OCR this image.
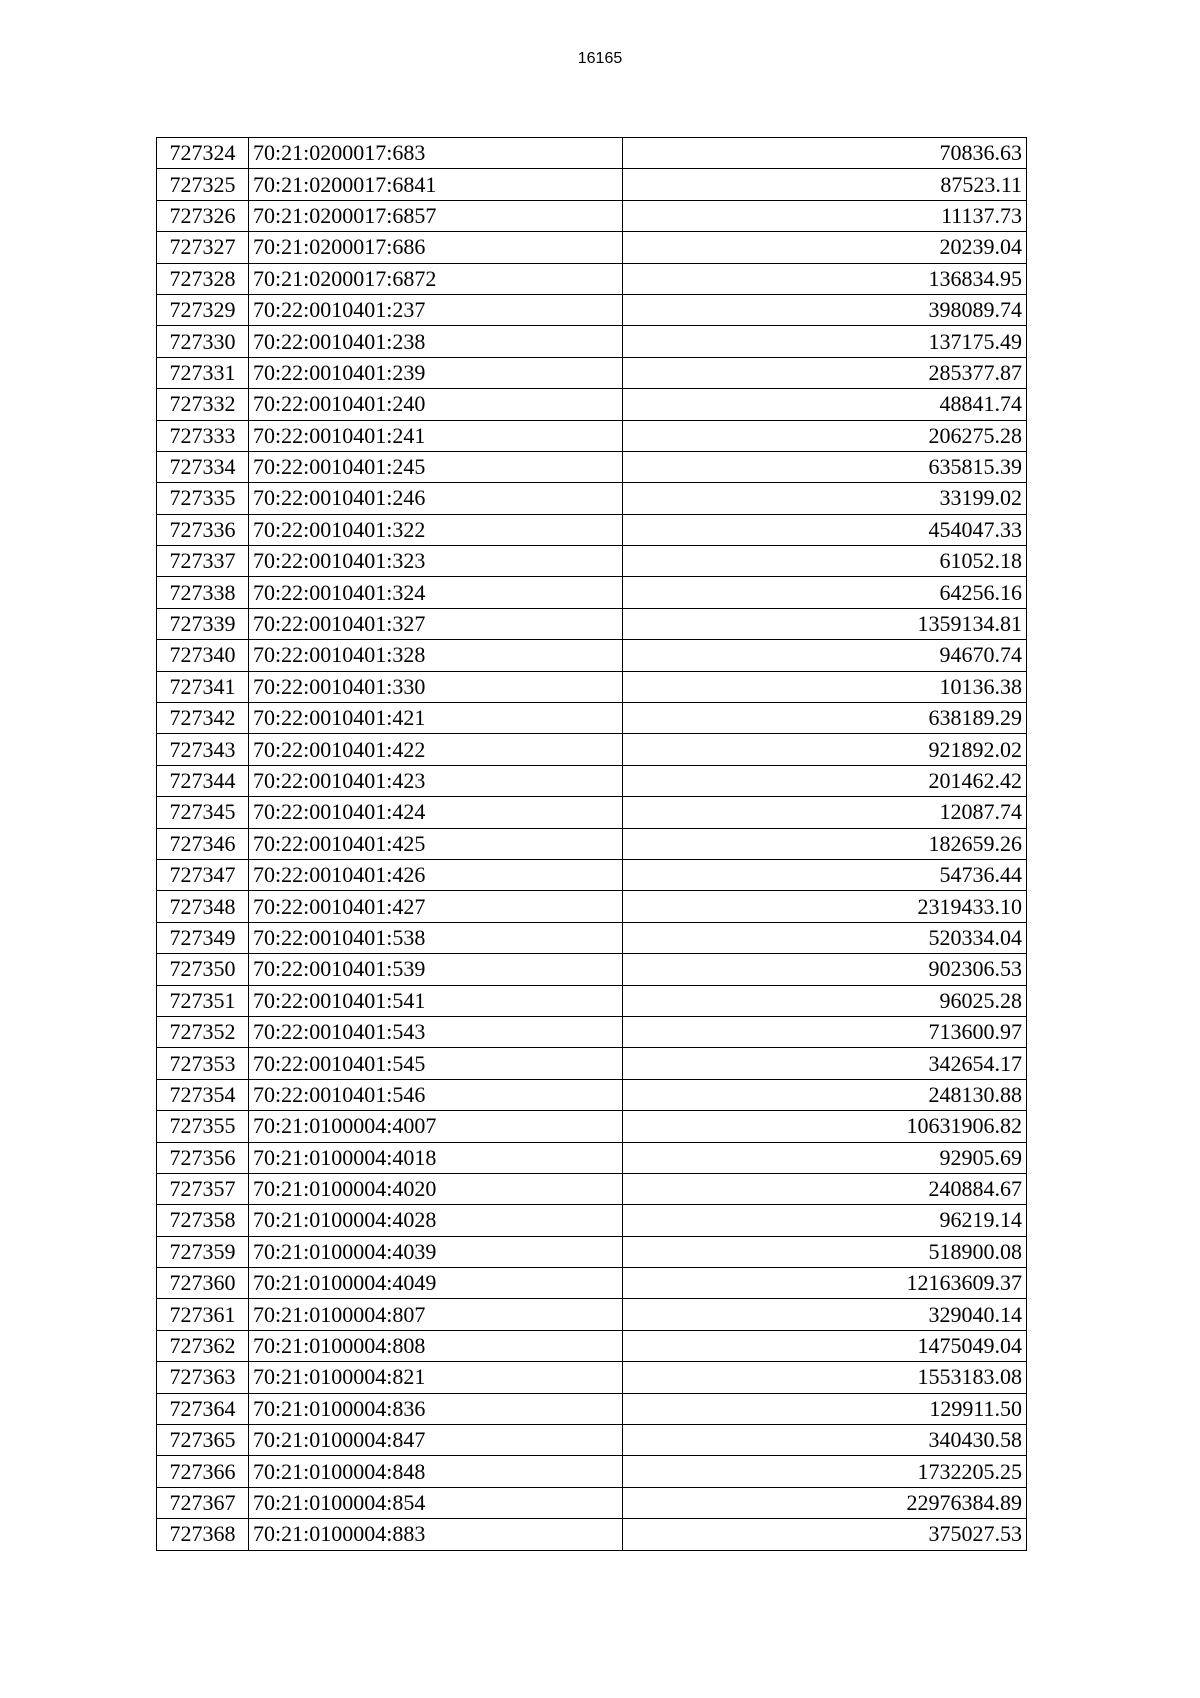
16165
727324	70:21:0200017:683	70836.63
727325	70:21:0200017:6841	87523.11
727326	70:21:0200017:6857	11137.73
727327	70:21:0200017:686	20239.04
727328	70:21:0200017:6872	136834.95
727329	70:22:0010401:237	398089.74
727330	70:22:0010401:238	137175.49
727331	70:22:0010401:239	285377.87
727332	70:22:0010401:240	48841.74
727333	70:22:0010401:241	206275.28
727334	70:22:0010401:245	635815.39
727335	70:22:0010401:246	33199.02
727336	70:22:0010401:322	454047.33
727337	70:22:0010401:323	61052.18
727338	70:22:0010401:324	64256.16
727339	70:22:0010401:327	1359134.81
727340	70:22:0010401:328	94670.74
727341	70:22:0010401:330	10136.38
727342	70:22:0010401:421	638189.29
727343	70:22:0010401:422	921892.02
727344	70:22:0010401:423	201462.42
727345	70:22:0010401:424	12087.74
727346	70:22:0010401:425	182659.26
727347	70:22:0010401:426	54736.44
727348	70:22:0010401:427	2319433.10
727349	70:22:0010401:538	520334.04
727350	70:22:0010401:539	902306.53
727351	70:22:0010401:541	96025.28
727352	70:22:0010401:543	713600.97
727353	70:22:0010401:545	342654.17
727354	70:22:0010401:546	248130.88
727355	70:21:0100004:4007	10631906.82
727356	70:21:0100004:4018	92905.69
727357	70:21:0100004:4020	240884.67
727358	70:21:0100004:4028	96219.14
727359	70:21:0100004:4039	518900.08
727360	70:21:0100004:4049	12163609.37
727361	70:21:0100004:807	329040.14
727362	70:21:0100004:808	1475049.04
727363	70:21:0100004:821	1553183.08
727364	70:21:0100004:836	129911.50
727365	70:21:0100004:847	340430.58
727366	70:21:0100004:848	1732205.25
727367	70:21:0100004:854	22976384.89
727368	70:21:0100004:883	375027.53
